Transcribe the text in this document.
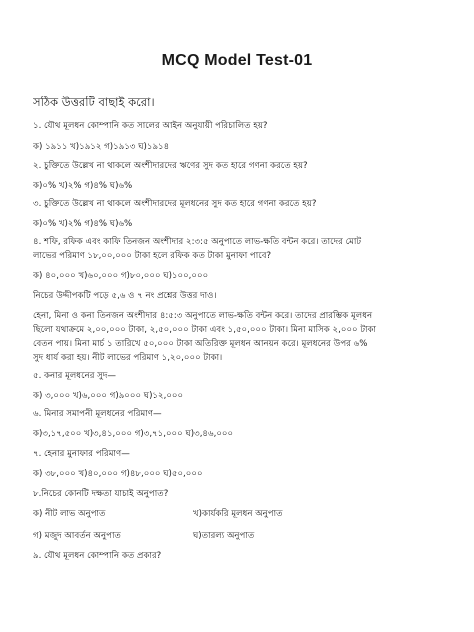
MCQ Model Test-01
সঠিক উত্তরটি বাছাই করো।
১. যৌথ মূলধন কোম্পানি কত সালের আইন অনুযায়ী পরিচালিত হয়?
ক) ১৯১১ খ)১৯১২ গ)১৯১৩ ঘ)১৯১৪
২. চুক্তিতে উল্লেখ না থাকলে অংশীদারদের ঋণের সুদ কত হারে গণনা করতে হয়?
ক)০% খ)২% গ)৪% ঘ)৬%
৩. চুক্তিতে উল্লেখ না থাকলে অংশীদারদের মূলধনের সুদ কত হারে গণনা করতে হয়?
ক)০% খ)২% গ)৪% ঘ)৬%
৪. শফি, রফিক এবং কাফি তিনজন অংশীদার ২:৩:৫ অনুপাতে লাভ-ক্ষতি বন্টন করে। তাদের মোট
লাভের পরিমাণ ১৮,০০,০০০ টাকা হলে রফিক কত টাকা মুনাফা পাবে?
ক) ৪০,০০০ খ)৬০,০০০ গ)৮০,০০০ ঘ)১০০,০০০
নিচের উদ্দীপকটি পড়ে ৫,৬ ও ৭ নং প্রশ্নের উত্তর দাও।
হেনা, মিনা ও কনা তিনজন অংশীদার ৪:৫:৩ অনুপাতে লাভ-ক্ষতি বন্টন করে। তাদের প্রারম্ভিক মূলধন
ছিলো যথাক্রমে ২,০০,০০০ টাকা, ২,৫০,০০০ টাকা এবং ১,৫০,০০০ টাকা। মিনা মাসিক ২,০০০ টাকা
বেতন পায়। মিনা মার্চ ১ তারিখে ৫০,০০০ টাকা অতিরিক্ত মূলধন আনয়ন করে। মূলধনের উপর ৬%
সুদ ধার্য করা হয়। নীট লাভের পরিমাণ ১,২০,০০০ টাকা।
৫. কনার মূলধনের সুদ—
ক) ৩,০০০ খ)৬,০০০ গ)৯০০০ ঘ)১২,০০০
৬. মিনার সমাপনী মূলধনের পরিমাণ—
ক)৩,১৭,৫০০ খ)৩,৪১,০০০ গ)৩,৭১,০০০ ঘ)৩,৪৬,০০০
৭. হেনার মুনাফার পরিমাণ—
ক) ৩৮,০০০ খ)৪০,০০০ গ)৪৮,০০০ ঘ)৫০,০০০
৮.নিচের কোনটি দক্ষতা যাচাই অনুপাত?
ক) নীট লাভ অনুপাত	খ)কার্যকরি মূলধন অনুপাত
গ) মজুদ আবর্তন অনুপাত	ঘ)তারল্য অনুপাত
৯. যৌথ মূলধন কোম্পানি কত প্রকার?
